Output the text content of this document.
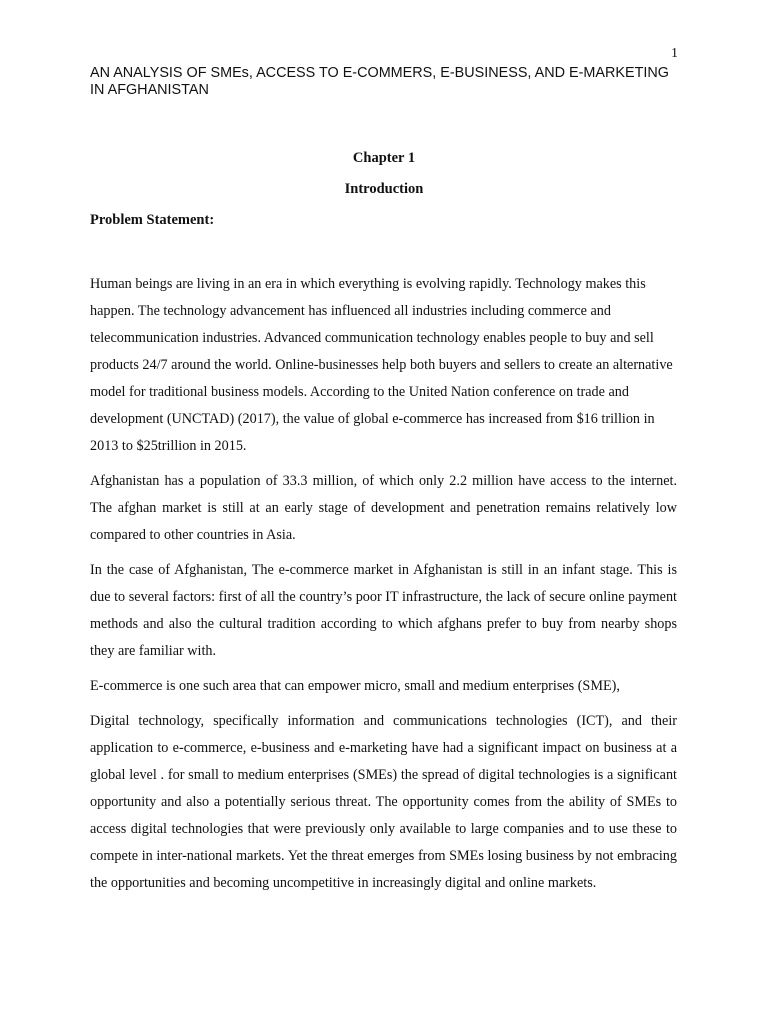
1
AN ANALYSIS OF SMEs, ACCESS TO E-COMMERS, E-BUSINESS, AND E-MARKETING IN AFGHANISTAN
Chapter 1
Introduction
Problem Statement:

Human beings are living in an era in which everything is evolving rapidly. Technology makes this happen. The technology advancement has influenced all industries including commerce and telecommunication industries. Advanced communication technology enables people to buy and sell products 24/7 around the world. Online-businesses help both buyers and sellers to create an alternative model for traditional business models. According to the United Nation conference on trade and development (UNCTAD) (2017), the value of global e-commerce has increased from $16 trillion in 2013 to $25trillion in 2015.

Afghanistan has a population of 33.3 million, of which only 2.2 million have access to the internet. The afghan market is still at an early stage of development and penetration remains relatively low compared to other countries in Asia.

In the case of Afghanistan, The e-commerce market in Afghanistan is still in an infant stage. This is due to several factors: first of all the country’s poor IT infrastructure, the lack of secure online payment methods and also the cultural tradition according to which afghans prefer to buy from nearby shops they are familiar with.

E-commerce is one such area that can empower micro, small and medium enterprises (SME),

Digital technology, specifically information and communications technologies (ICT), and their application to e-commerce, e-business and e-marketing have had a significant impact on business at a global level . for small to medium enterprises (SMEs) the spread of digital technologies is a significant opportunity and also a potentially serious threat. The opportunity comes from the ability of SMEs to access digital technologies that were previously only available to large companies and to use these to compete in inter-national markets. Yet the threat emerges from SMEs losing business by not embracing the opportunities and becoming uncompetitive in increasingly digital and online markets.
